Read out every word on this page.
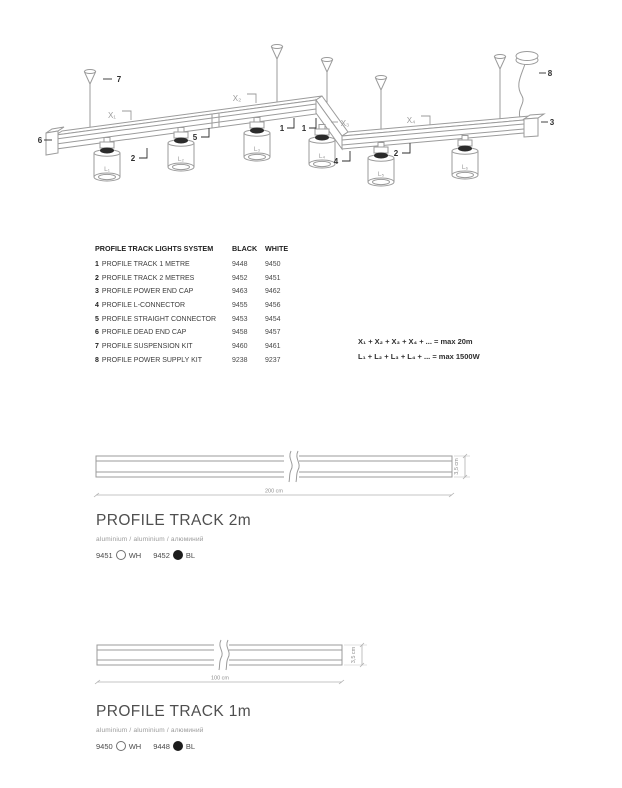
L₁
L₂
L₃
L₄
L₅
L₆
X₁
X₂
X₃	X₄
6
7
2
5
1 1
4
2
3
8
PROFILE TRACK LIGHTS SYSTEM	BLACK	WHITE
1 PROFILE TRACK 1 METRE	9448	9450
2 PROFILE TRACK 2 METRES	9452	9451
3 PROFILE POWER END CAP	9463	9462
4 PROFILE L-CONNECTOR	9455	9456
5 PROFILE STRAIGHT CONNECTOR	9453	9454
6 PROFILE DEAD END CAP	9458	9457
7 PROFILE SUSPENSION KIT	9460	9461
8 PROFILE POWER SUPPLY KIT	9238	9237
X₁ + X₂ + X₃ + X₄ + ... = max 20m
L₁ + L₂ + L₃ + L₄ + ... = max 1500W
200 cm
3,5 cm
PROFILE TRACK 2m
aluminium / aluminium / алюминий
9451 WH 9452 BL
100 cm
3,5 cm
PROFILE TRACK 1m
aluminium / aluminium / алюминий
9450 WH 9448 BL
